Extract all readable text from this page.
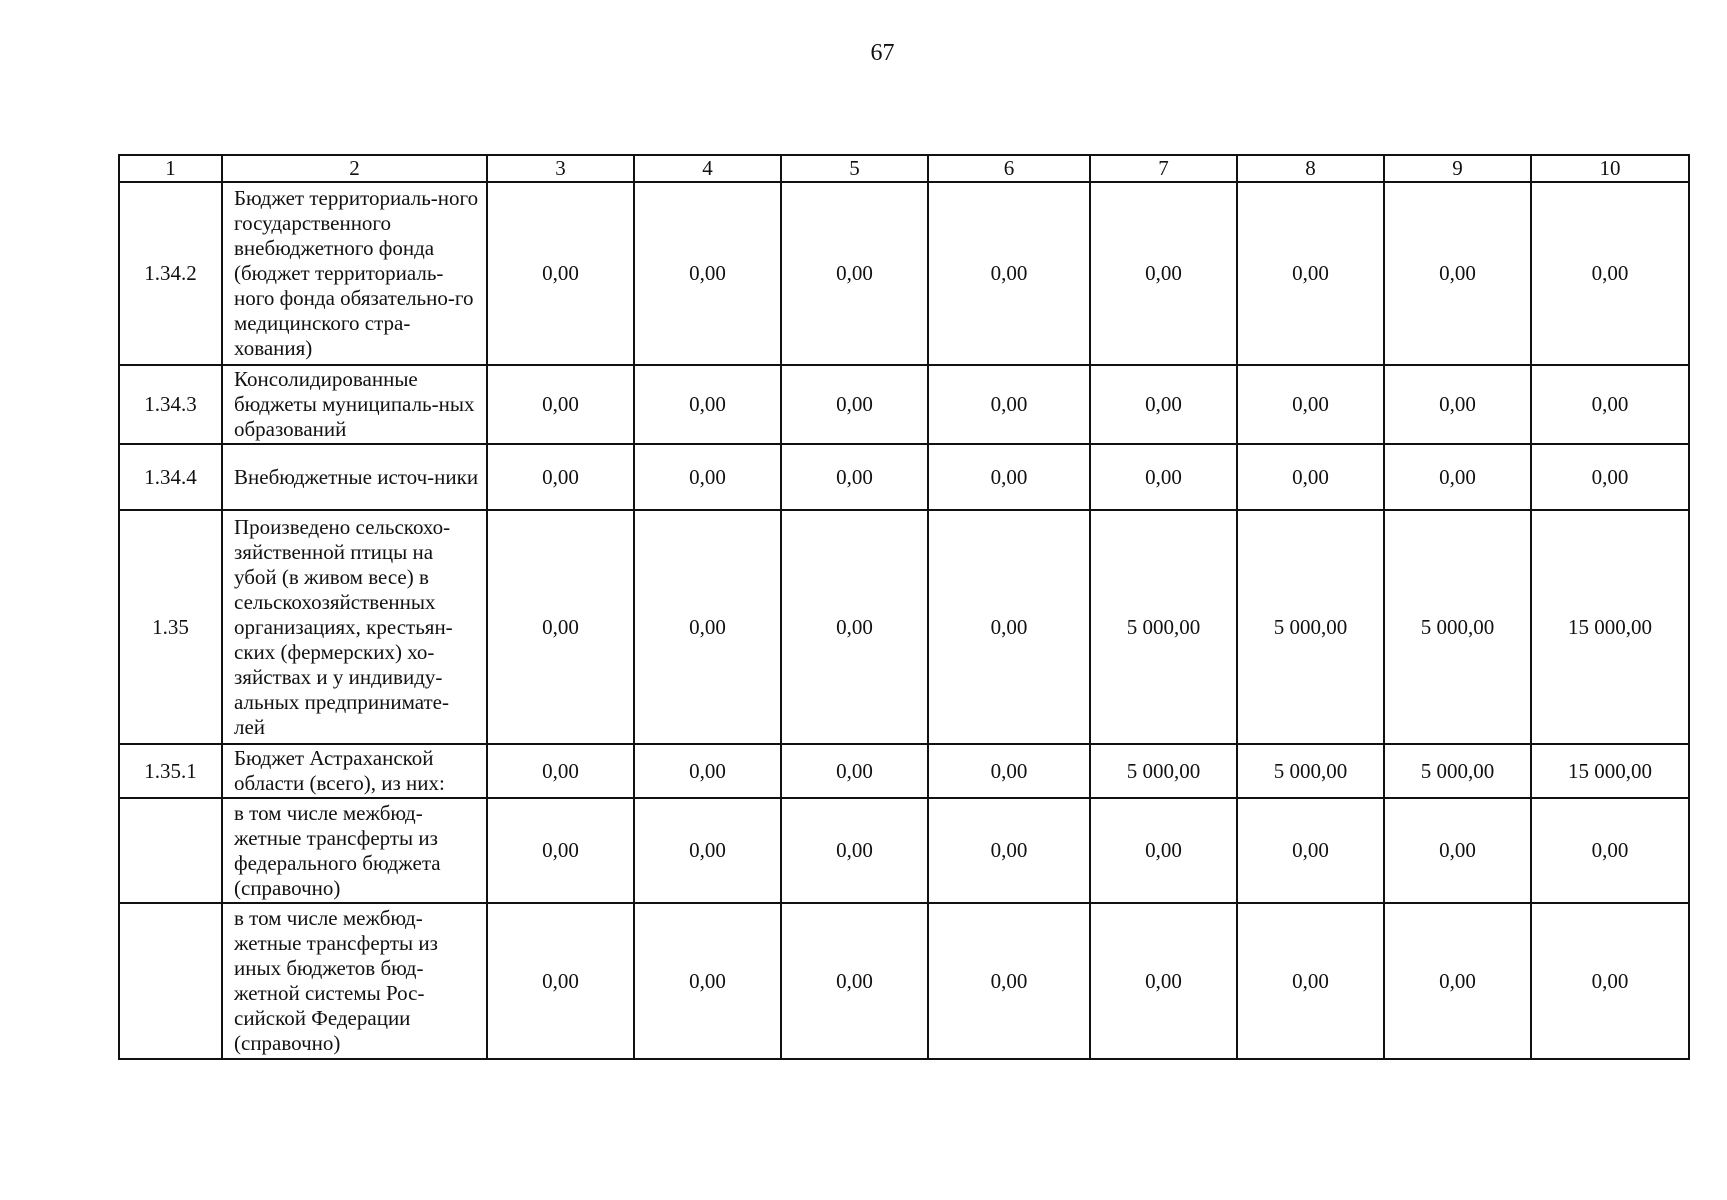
67
1	2	3	4	5	6	7	8	9	10
1.34.2	Бюджет территориаль-ного государственного внебюджетного фонда (бюджет территориаль-ного фонда обязательно-го медицинского стра-хования)	0,00	0,00	0,00	0,00	0,00	0,00	0,00	0,00
1.34.3	Консолидированные бюджеты муниципаль-ных образований	0,00	0,00	0,00	0,00	0,00	0,00	0,00	0,00
1.34.4	Внебюджетные источ-ники	0,00	0,00	0,00	0,00	0,00	0,00	0,00	0,00
1.35	Произведено сельскохо-зяйственной птицы на убой (в живом весе) в сельскохозяйственных организациях, крестьян-ских (фермерских) хо-зяйствах и у индивиду-альных предпринимате-лей	0,00	0,00	0,00	0,00	5 000,00	5 000,00	5 000,00	15 000,00
1.35.1	Бюджет Астраханской области (всего), из них:	0,00	0,00	0,00	0,00	5 000,00	5 000,00	5 000,00	15 000,00
	в том числе межбюд-жетные трансферты из федерального бюджета (справочно)	0,00	0,00	0,00	0,00	0,00	0,00	0,00	0,00
	в том числе межбюд-жетные трансферты из иных бюджетов бюд-жетной системы Рос-сийской Федерации (справочно)	0,00	0,00	0,00	0,00	0,00	0,00	0,00	0,00
